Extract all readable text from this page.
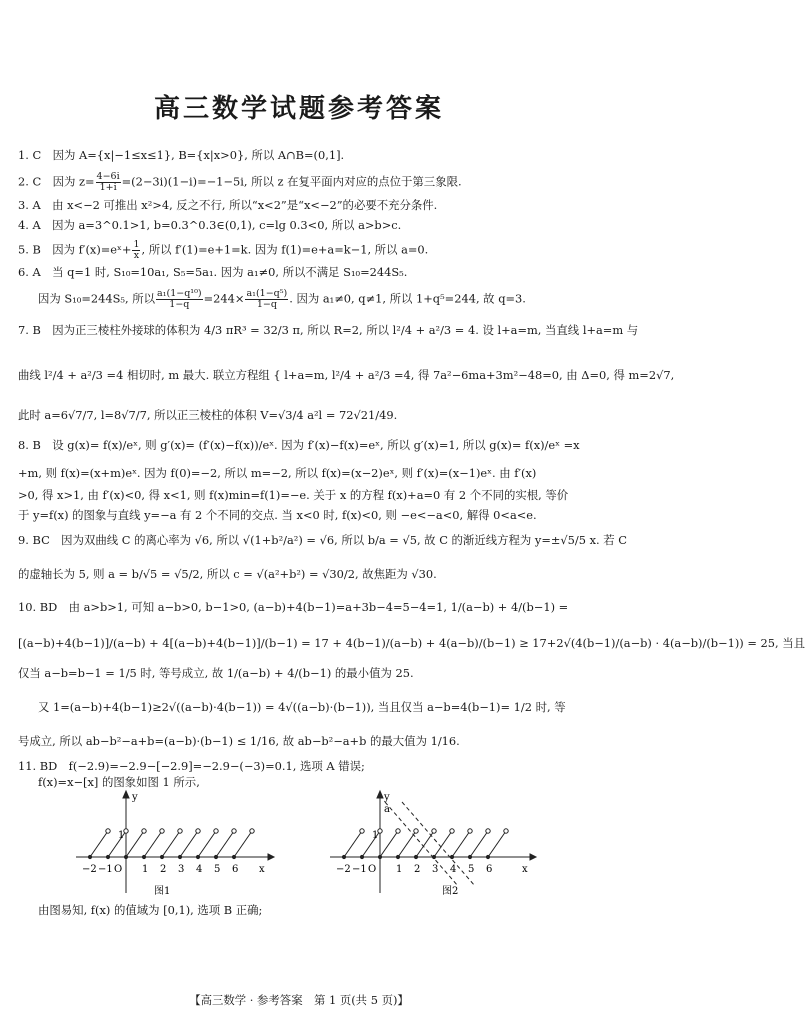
高三数学试题参考答案
1. C　因为 A={x|−1≤x≤1}, B={x|x>0}, 所以 A∩B=(0,1].
2. C　因为 $z= \frac{4-6i}{1+i} =(2-3i)(1-i)=-1-5i$, 所以 z 在复平面内对应的点位于第三象限.
3. A　由 x<−2 可推出 x²>4, 反之不行, 所以“x<2”是“x<−2”的必要不充分条件.
4. A　因为 a=3^0.1>1, b=0.3^0.3∈(0,1), c=lg 0.3<0, 所以 a>b>c.
5. B　因为 f′(x)=eˣ+ $\frac{1}{x}$ , 所以 f′(1)=e+1=k. 因为 f(1)=e+a=k−1, 所以 a=0.
6. A　当 q=1 时, S₁₀=10a₁, S₅=5a₁. 因为 a₁≠0, 所以不满足 S₁₀=244S₅.
因为 S₁₀=244S₅, 所以 $\frac{\text{a₁(1−q¹⁰)}}{1-q} =244\times \frac{\text{a₁(1−q⁵)}}{1-q}$ . 因为 a₁≠0, q≠1, 所以 1+q⁵=244, 故 q=3.
7. B　因为正三棱柱外接球的体积为 4/3 πR³ = 32/3 π, 所以 R=2, 所以 l²/4 + a²/3 = 4. 设 l+a=m, 当直线 l+a=m 与
曲线 l²/4 + a²/3 =4 相切时, m 最大. 联立方程组 { l+a=m, l²/4 + a²/3 =4, 得 7a²−6ma+3m²−48=0, 由 Δ=0, 得 m=2√7,
此时 a=6√7/7, l=8√7/7, 所以正三棱柱的体积 V=√3/4 a²l = 72√21/49.
8. B　设 g(x)= f(x)/eˣ, 则 g′(x)= (f′(x)−f(x))/eˣ. 因为 f′(x)−f(x)=eˣ, 所以 g′(x)=1, 所以 g(x)= f(x)/eˣ =x
+m, 则 f(x)=(x+m)eˣ. 因为 f(0)=−2, 所以 m=−2, 所以 f(x)=(x−2)eˣ, 则 f′(x)=(x−1)eˣ. 由 f′(x)
>0, 得 x>1, 由 f′(x)<0, 得 x<1, 则 f(x)min=f(1)=−e. 关于 x 的方程 f(x)+a=0 有 2 个不同的实根, 等价
于 y=f(x) 的图象与直线 y=−a 有 2 个不同的交点. 当 x<0 时, f(x)<0, 则 −e<−a<0, 解得 0<a<e.
9. BC　因为双曲线 C 的离心率为 √6, 所以 √(1+b²/a²) = √6, 所以 b/a = √5, 故 C 的渐近线方程为 y=±√5/5 x. 若 C
的虚轴长为 5, 则 a = b/√5 = √5/2, 所以 c = √(a²+b²) = √30/2, 故焦距为 √30.
10. BD　由 a>b>1, 可知 a−b>0, b−1>0, (a−b)+4(b−1)=a+3b−4=5−4=1, 1/(a−b) + 4/(b−1) =
[(a−b)+4(b−1)]/(a−b) + 4[(a−b)+4(b−1)]/(b−1) = 17 + 4(b−1)/(a−b) + 4(a−b)/(b−1) ≥ 17+2√(4(b−1)/(a−b) · 4(a−b)/(b−1)) = 25, 当且
仅当 a−b=b−1 = 1/5 时, 等号成立, 故 1/(a−b) + 4/(b−1) 的最小值为 25.
又 1=(a−b)+4(b−1)≥2√((a−b)·4(b−1)) = 4√((a−b)·(b−1)), 当且仅当 a−b=4(b−1)= 1/2 时, 等
号成立, 所以 ab−b²−a+b=(a−b)·(b−1) ≤ 1/16, 故 ab−b²−a+b 的最大值为 1/16.
11. BD　f(−2.9)=−2.9−[−2.9]=−2.9−(−3)=0.1, 选项 A 错误;
f(x)=x−[x] 的图象如图 1 所示,
y
x
1
−2 −1 O 1 2 3 4 5 6
图1
y
a
x
1
−2 −1 O 1 2 3 4 5 6
图2
由图易知, f(x) 的值域为 [0,1), 选项 B 正确;
【高三数学 · 参考答案　第 1 页(共 5 页)】
